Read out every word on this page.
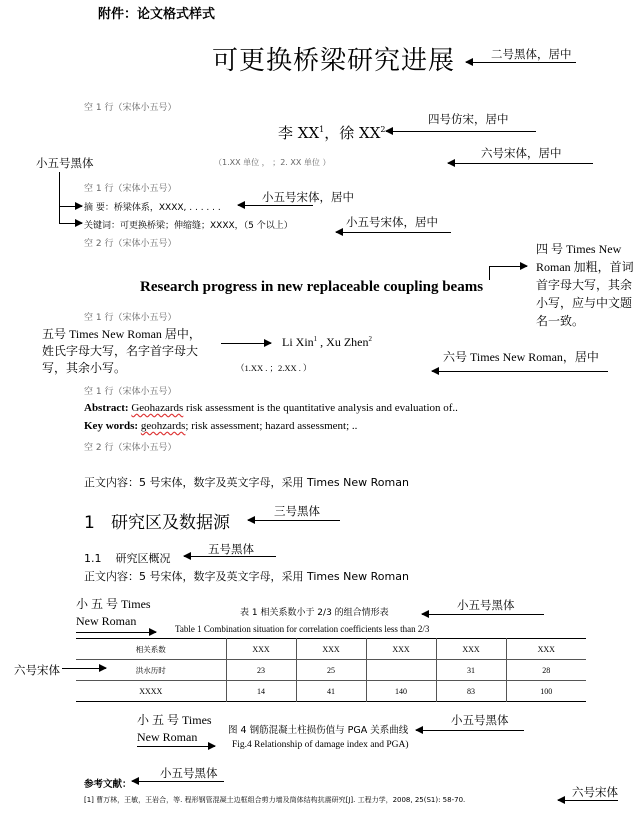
附件：论文格式样式
可更换桥梁研究进展	二号黑体，居中
空 1 行（宋体小五号）
李 $XX^1$，徐 $XX^2$
四号仿宋，居中
小五号黑体	（1.XX 单位 ， ；2. XX 单位 ）
六号宋体，居中
空 1 行（宋体小五号）
摘 要：桥梁体系，XXXX, . . . . . .
小五号宋体，居中
关键词：可更换桥梁；伸缩缝；XXXX，（5 个以上）	小五号宋体，居中
空 2 行（宋体小五号）
Research progress in new replaceable coupling beams
四 号 Times New
Roman 加粗，首词
首字母大写，其余
小写，应与中文题
名一致。
空 1 行（宋体小五号）
五号 Times New Roman 居中，
姓氏字母大写，名字首字母大
写，其余小写。
Li Xin$^1$ , Xu Zhen$^2$
（1.XX . ；2.XX . ）
六号 Times New Roman，居中
空 1 行（宋体小五号）
Abstract: Geohazards risk assessment is the quantitative analysis and evaluation of..
Key words: geohzards; risk assessment; hazard assessment; ..
空 2 行（宋体小五号）
正文内容：5 号宋体，数字及英文字母，采用 Times New Roman
1 研究区及数据源
三号黑体
1.1 研究区概况
五号黑体
正文内容：5 号宋体，数字及英文字母，采用 Times New Roman
小 五 号 Times
New Roman
表 1 相关系数小于 2/3 的组合情形表
小五号黑体
Table 1 Combination situation for correlation coefficients less than 2/3
相关系数	XXX	XXX	XXX	XXX	XXX
洪水历时	23	25		31	28
XXXX	14	41	140	83	100
六号宋体
小 五 号 Times
New Roman	图 4 钢筋混凝土柱损伤值与 PGA 关系曲线
小五号黑体
Fig.4 Relationship of damage index and PGA)
参考文献：
小五号黑体
[1] 曹万林，王敏，王岩合，等. 程形钢管混凝土边框组合剪力墙及筒体结构抗震研究[J]. 工程力学，2008, 25(S1): 58-70.
六号宋体
